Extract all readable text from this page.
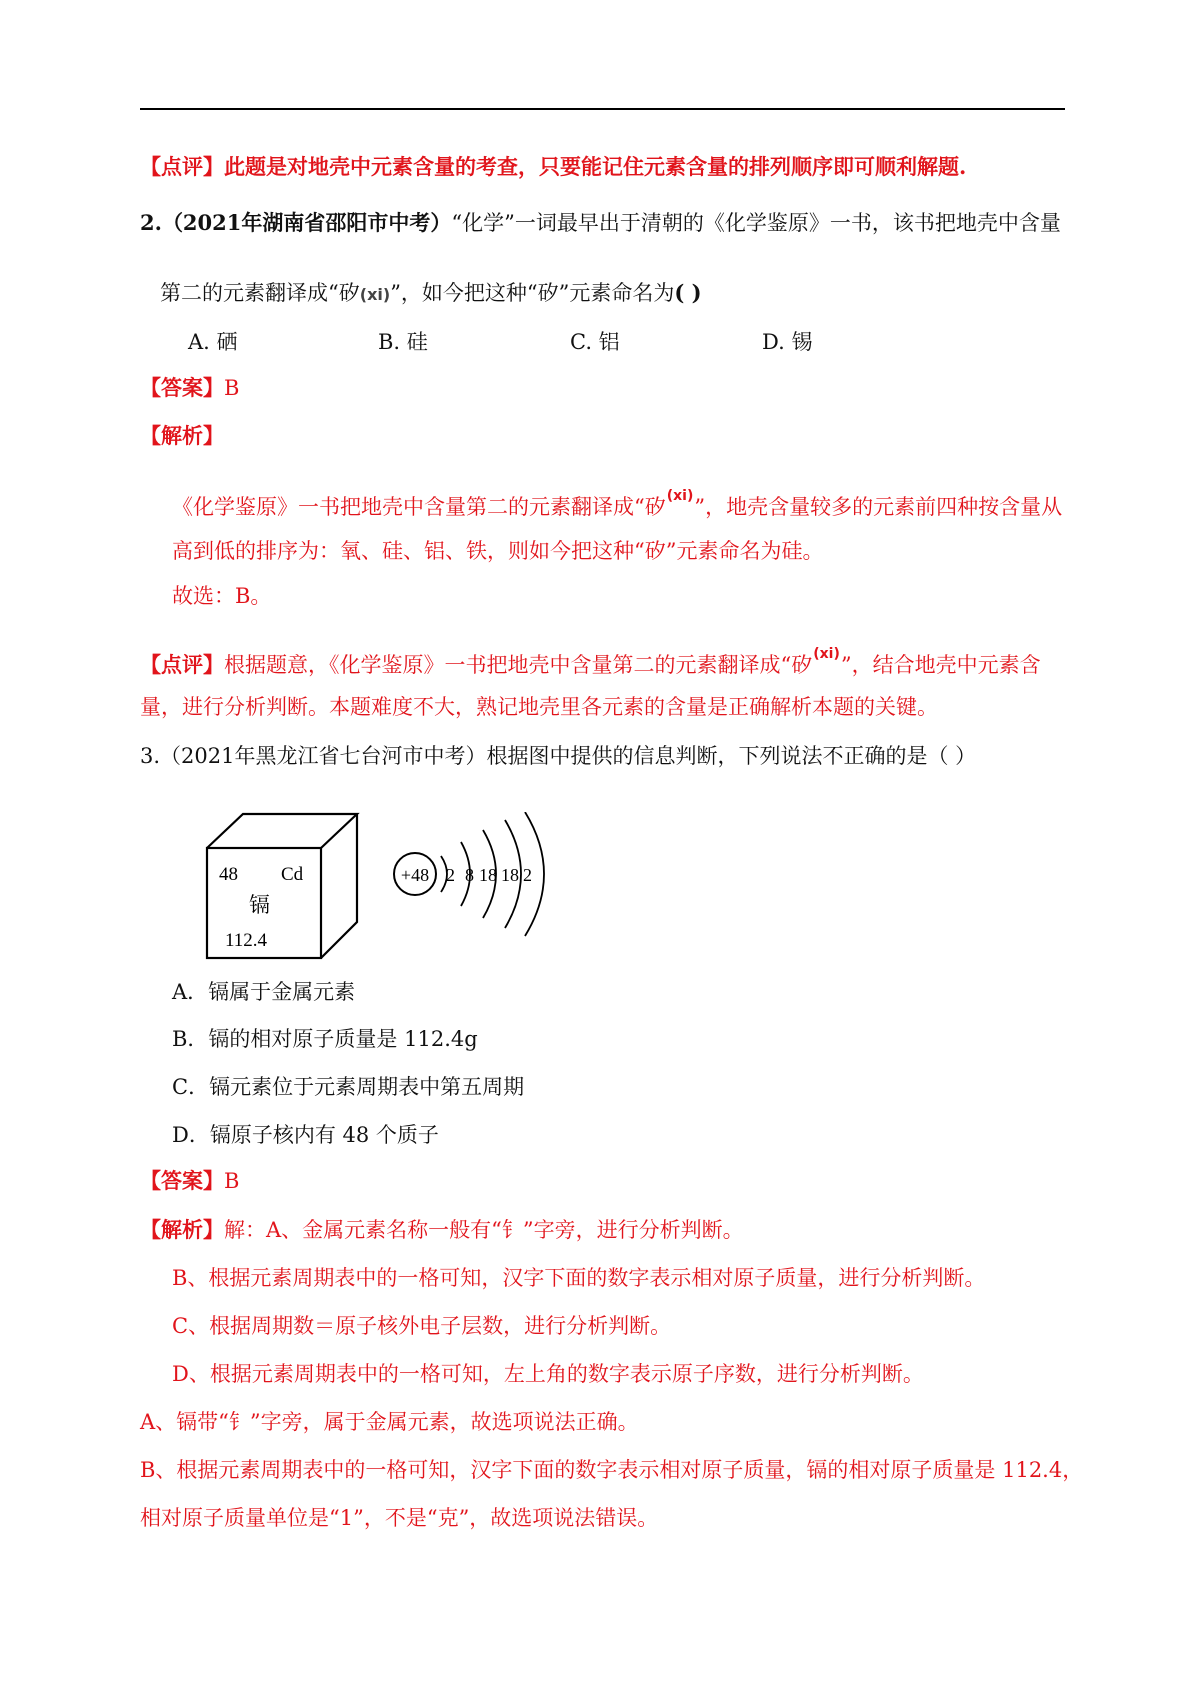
【点评】此题是对地壳中元素含量的考查，只要能记住元素含量的排列顺序即可顺利解题.
2.（2021年湖南省邵阳市中考）“化学”一词最早出于清朝的《化学鉴原》一书，该书把地壳中含量
第二的元素翻译成“矽(xi)”，如今把这种“矽”元素命名为( )
A. 硒	B. 硅	C. 铝	D. 锡
【答案】B
【解析】
《化学鉴原》一书把地壳中含量第二的元素翻译成“矽$^{(xi)}$”，地壳含量较多的元素前四种按含量从
高到低的排序为：氧、硅、铝、铁，则如今把这种“矽”元素命名为硅。
故选：B。
【点评】根据题意，《化学鉴原》一书把地壳中含量第二的元素翻译成“矽$^{(xi)}$”，结合地壳中元素含
量，进行分析判断。本题难度不大，熟记地壳里各元素的含量是正确解析本题的关键。
3.（2021年黑龙江省七台河市中考）根据图中提供的信息判断，下列说法不正确的是（ ）
48 Cd
镉
112.4
+48 2 8 18 18 2
A．镉属于金属元素
B．镉的相对原子质量是 112.4g
C．镉元素位于元素周期表中第五周期
D．镉原子核内有 48 个质子
【答案】B
【解析】解：A、金属元素名称一般有“钅”字旁，进行分析判断。
B、根据元素周期表中的一格可知，汉字下面的数字表示相对原子质量，进行分析判断。
C、根据周期数＝原子核外电子层数，进行分析判断。
D、根据元素周期表中的一格可知，左上角的数字表示原子序数，进行分析判断。
A、镉带“钅”字旁，属于金属元素，故选项说法正确。
B、根据元素周期表中的一格可知，汉字下面的数字表示相对原子质量，镉的相对原子质量是 112.4，
相对原子质量单位是“1”，不是“克”，故选项说法错误。
